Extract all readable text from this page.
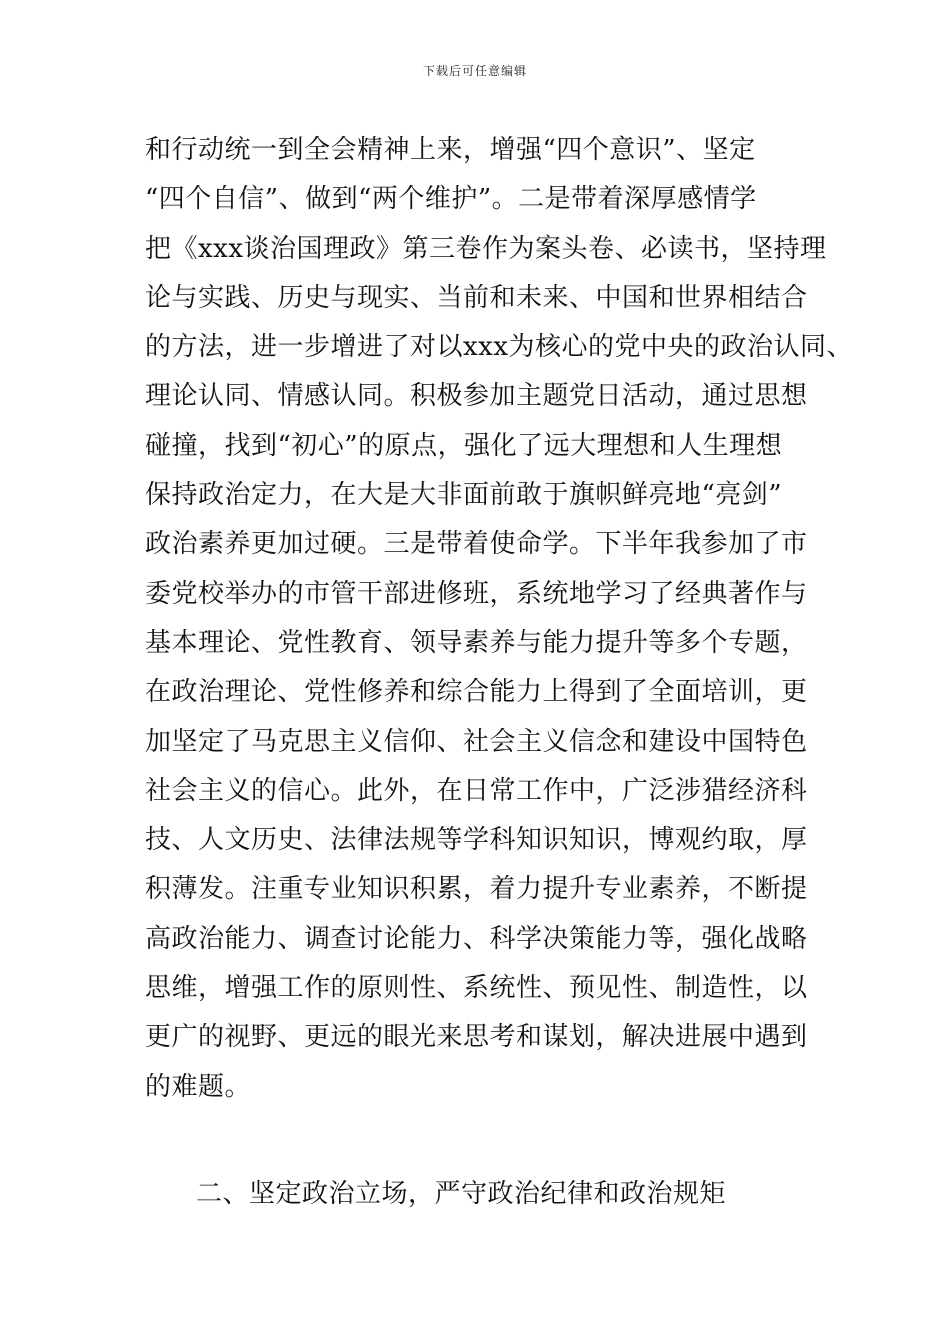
下载后可任意编辑
和行动统一到全会精神上来，增强“四个意识”、坚定
“四个自信”、做到“两个维护”。二是带着深厚感情学
把《xxx谈治国理政》第三卷作为案头卷、必读书，坚持理
论与实践、历史与现实、当前和未来、中国和世界相结合
的方法，进一步增进了对以xxx为核心的党中央的政治认同、
理论认同、情感认同。积极参加主题党日活动，通过思想
碰撞，找到“初心”的原点，强化了远大理想和人生理想
保持政治定力，在大是大非面前敢于旗帜鲜亮地“亮剑”
政治素养更加过硬。三是带着使命学。下半年我参加了市
委党校举办的市管干部进修班，系统地学习了经典著作与
基本理论、党性教育、领导素养与能力提升等多个专题，
在政治理论、党性修养和综合能力上得到了全面培训，更
加坚定了马克思主义信仰、社会主义信念和建设中国特色
社会主义的信心。此外，在日常工作中，广泛涉猎经济科
技、人文历史、法律法规等学科知识知识，博观约取，厚
积薄发。注重专业知识积累，着力提升专业素养，不断提
高政治能力、调查讨论能力、科学决策能力等，强化战略
思维，增强工作的原则性、系统性、预见性、制造性，以
更广的视野、更远的眼光来思考和谋划，解决进展中遇到
的难题。
二、坚定政治立场，严守政治纪律和政治规矩
